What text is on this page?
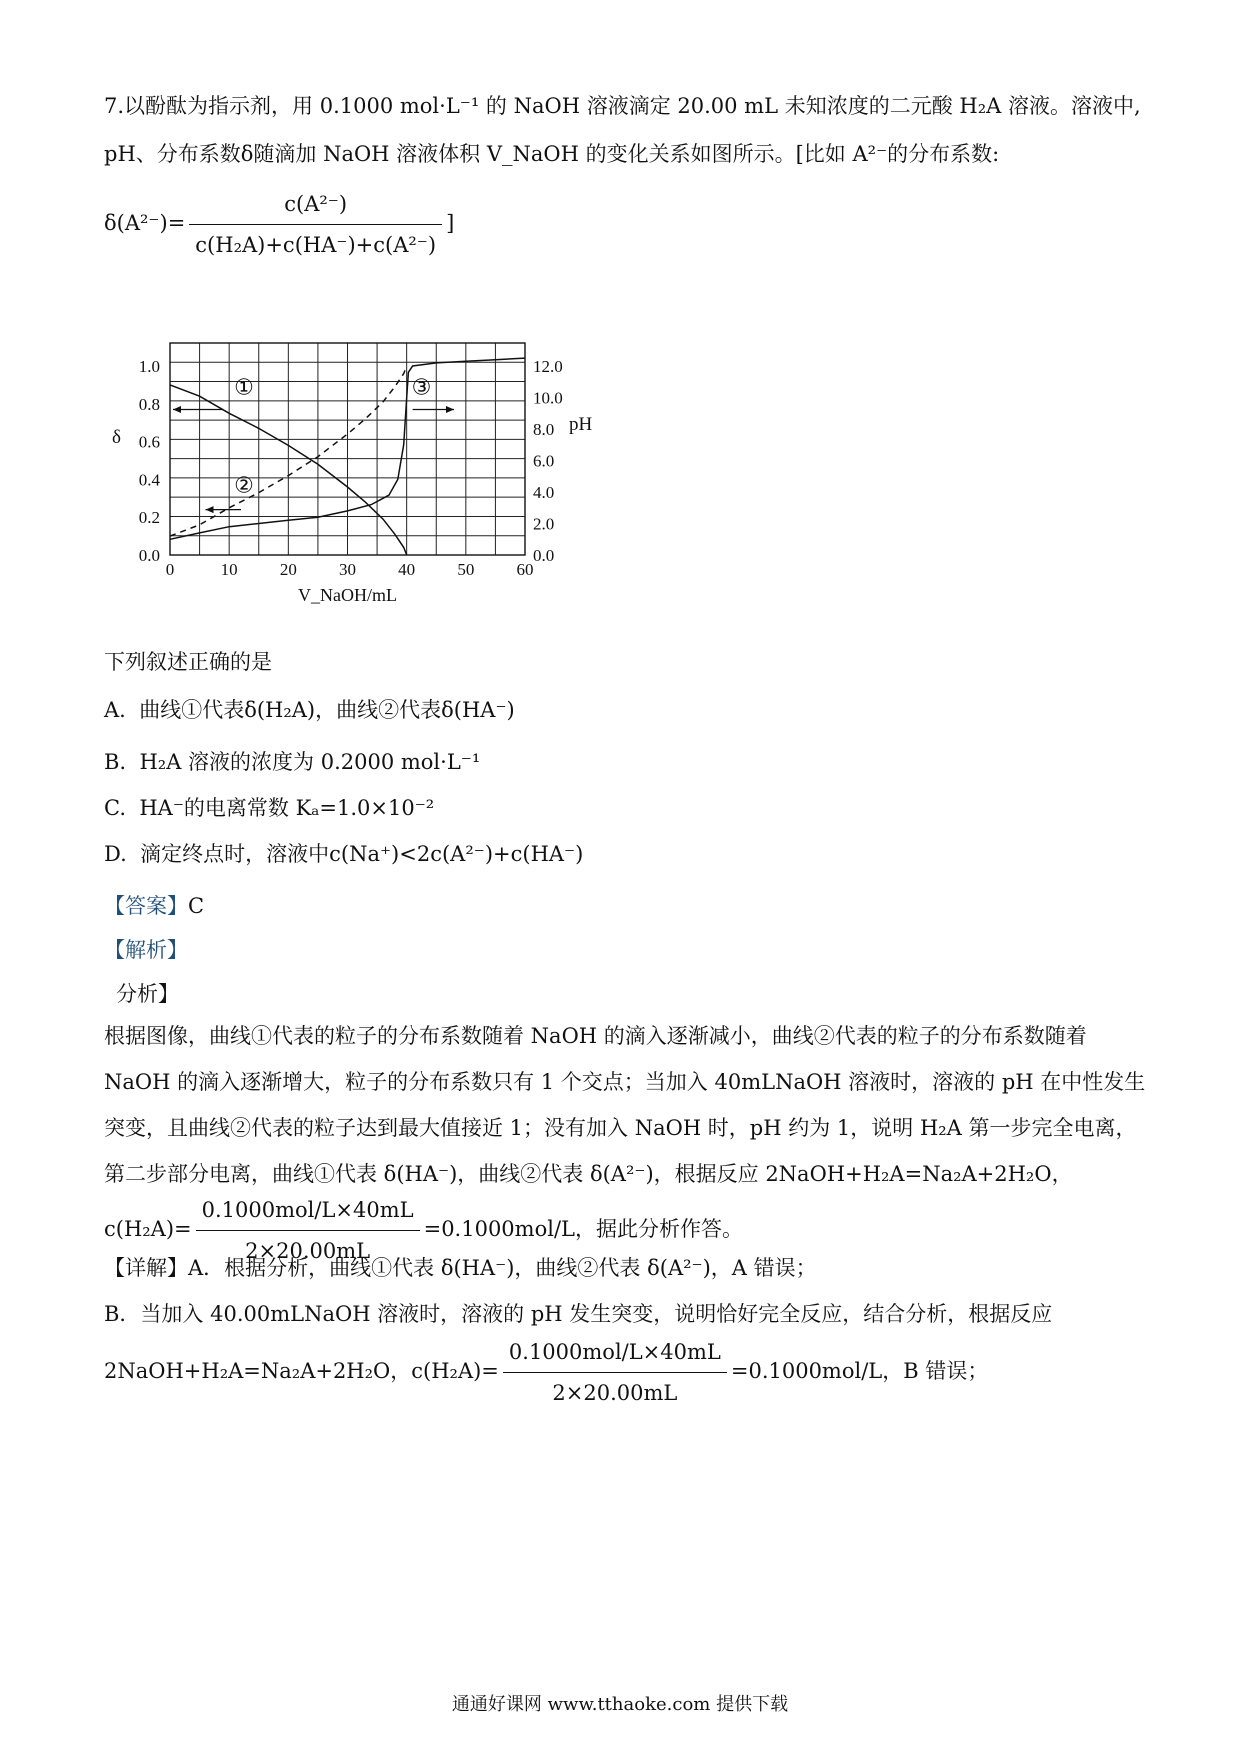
7.以酚酞为指示剂，用 0.1000 mol·L⁻¹ 的 NaOH 溶液滴定 20.00 mL 未知浓度的二元酸 H₂A 溶液。溶液中,
pH、分布系数δ随滴加 NaOH 溶液体积 V_NaOH 的变化关系如图所示。[比如 A²⁻的分布系数:
$\delta(A^{2-})= \frac{\text{c(A²⁻)}}{\text{c(H₂A)+c(HA⁻)+c(A²⁻)}}$ ]
0	10 20 30 40 50 60
0.0
0.2
0.4
0.6
0.8
1.0
0.0
2.0
4.0
6.0
8.0
10.0
12.0
δ
pH
V_NaOH/mL
①
②
③
下列叙述正确的是
A. 曲线①代表δ(H₂A)，曲线②代表δ(HA⁻)
B. H₂A 溶液的浓度为 0.2000 mol·L⁻¹
C. HA⁻的电离常数 Kₐ=1.0×10⁻²
D. 滴定终点时，溶液中c(Na⁺)<2c(A²⁻)+c(HA⁻)
【答案】C
【解析】
分析】
根据图像，曲线①代表的粒子的分布系数随着 NaOH 的滴入逐渐减小，曲线②代表的粒子的分布系数随着
NaOH 的滴入逐渐增大，粒子的分布系数只有 1 个交点；当加入 40mLNaOH 溶液时，溶液的 pH 在中性发生
突变，且曲线②代表的粒子达到最大值接近 1；没有加入 NaOH 时，pH 约为 1，说明 H₂A 第一步完全电离，
第二步部分电离，曲线①代表 δ(HA⁻)，曲线②代表 δ(A²⁻)，根据反应 2NaOH+H₂A=Na₂A+2H₂O，
$c(H_2A)= \frac{\text{0.1000mol/L×40mL}}{2\times 20.00mL} =0.1000mol/L$，据此分析作答。
【详解】A．根据分析，曲线①代表 δ(HA⁻)，曲线②代表 δ(A²⁻)，A 错误；
B．当加入 40.00mLNaOH 溶液时，溶液的 pH 发生突变，说明恰好完全反应，结合分析，根据反应
2NaOH+H₂A=Na₂A+2H₂O，$c(H_2A)= \frac{\text{0.1000mol/L×40mL}}{2\times 20.00mL} =0.1000mol/L$，B 错误；
通通好课网 www.tthaoke.com 提供下载
